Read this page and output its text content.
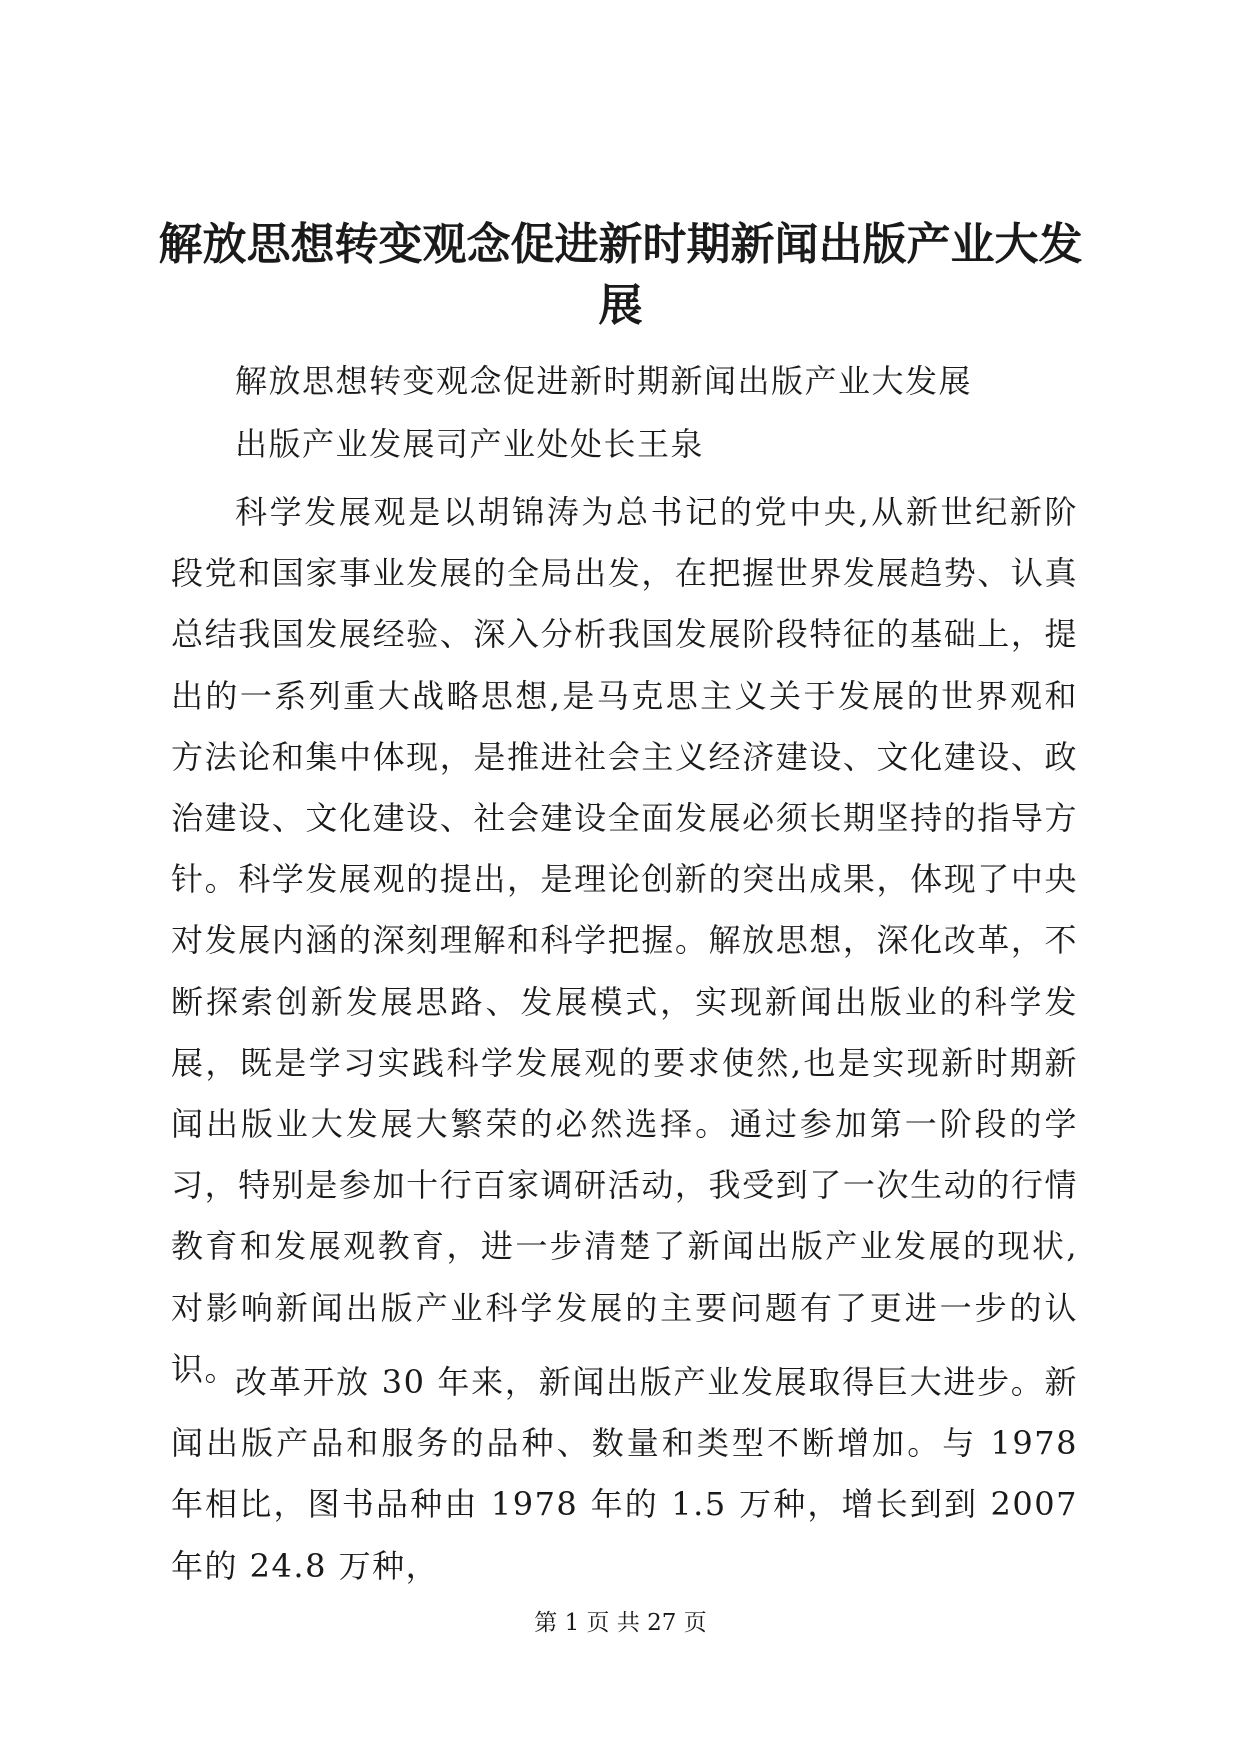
解放思想转变观念促进新时期新闻出版产业大发展

解放思想转变观念促进新时期新闻出版产业大发展

出版产业发展司产业处处长王泉

科学发展观是以胡锦涛为总书记的党中央,从新世纪新阶段党和国家事业发展的全局出发，在把握世界发展趋势、认真总结我国发展经验、深入分析我国发展阶段特征的基础上，提出的一系列重大战略思想,是马克思主义关于发展的世界观和方法论和集中体现，是推进社会主义经济建设、文化建设、政治建设、文化建设、社会建设全面发展必须长期坚持的指导方针。科学发展观的提出，是理论创新的突出成果，体现了中央对发展内涵的深刻理解和科学把握。解放思想，深化改革，不断探索创新发展思路、发展模式，实现新闻出版业的科学发展，既是学习实践科学发展观的要求使然,也是实现新时期新闻出版业大发展大繁荣的必然选择。通过参加第一阶段的学习，特别是参加十行百家调研活动，我受到了一次生动的行情教育和发展观教育，进一步清楚了新闻出版产业发展的现状,对影响新闻出版产业科学发展的主要问题有了更进一步的认识。

改革开放 30 年来，新闻出版产业发展取得巨大进步。新闻出版产品和服务的品种、数量和类型不断增加。与 1978 年相比，图书品种由 1978 年的 1.5 万种，增长到到 2007 年的 24.8 万种，

第 1 页 共 27 页
